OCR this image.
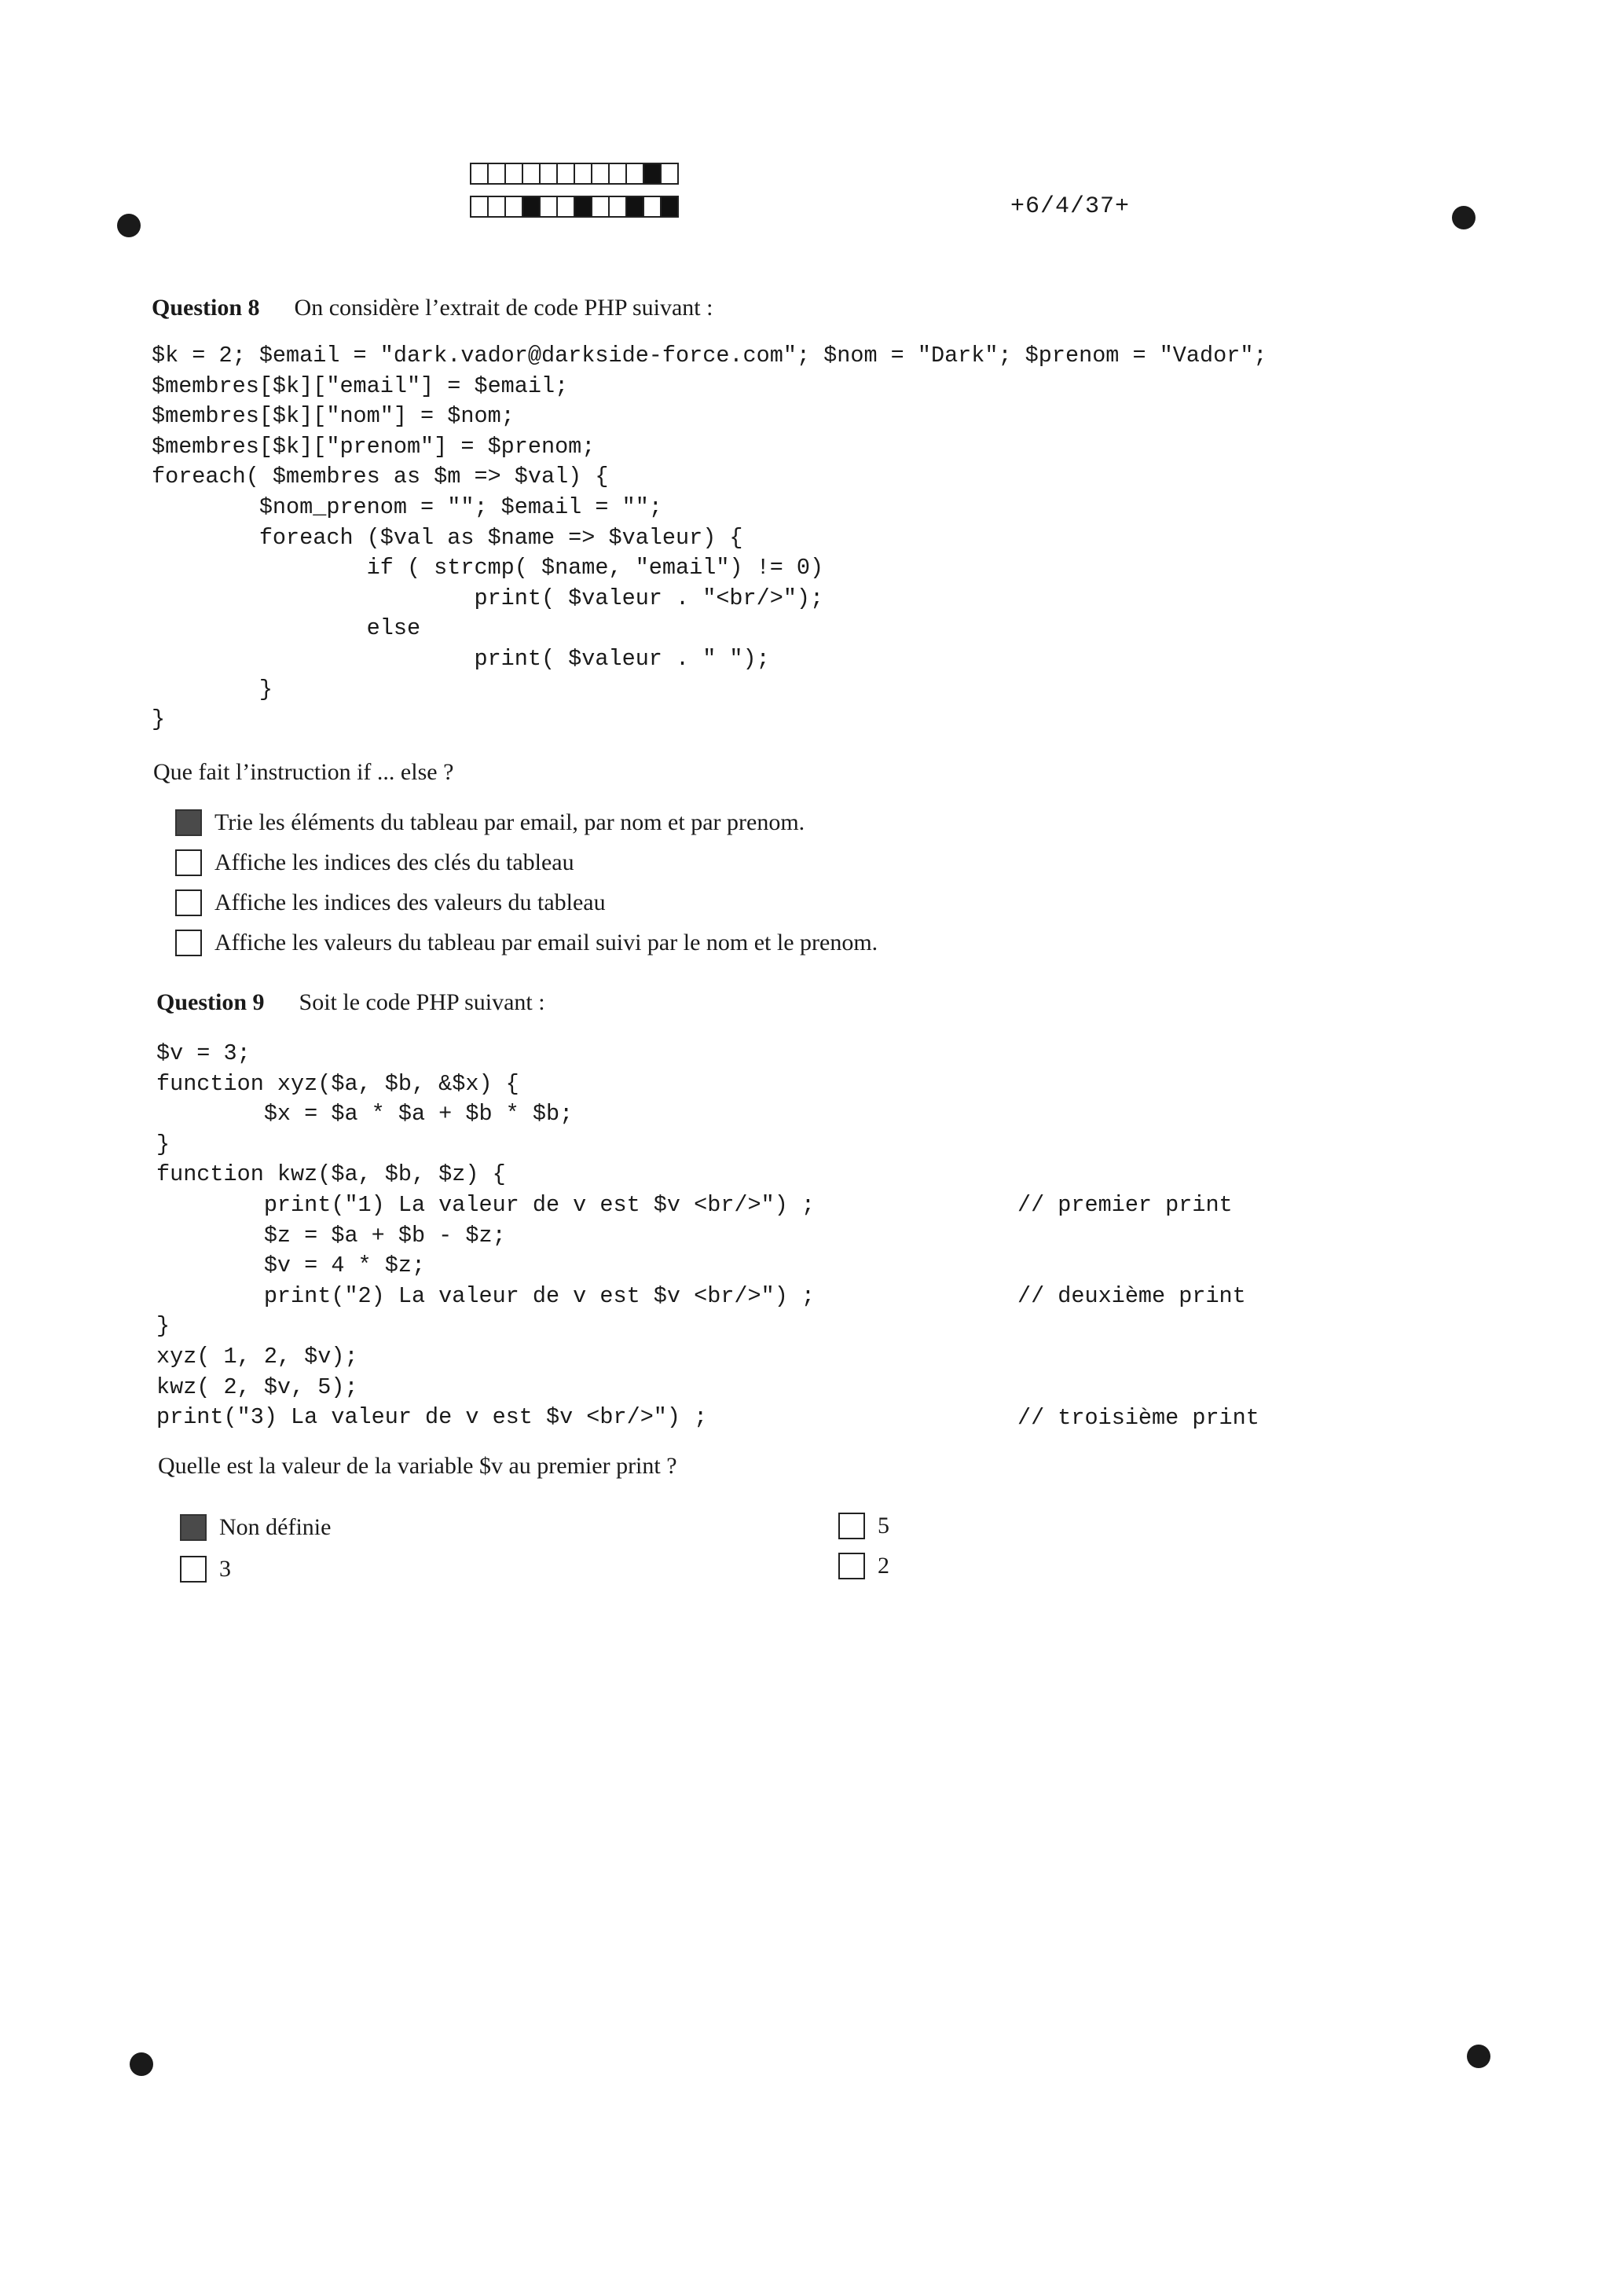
+6/4/37+
Question 8 On considère l’extrait de code PHP suivant :
$k = 2; $email = "dark.vador@darkside-force.com"; $nom = "Dark"; $prenom = "Vador";
$membres[$k]["email"] = $email;
$membres[$k]["nom"] = $nom;
$membres[$k]["prenom"] = $prenom;
foreach( $membres as $m => $val) {
$nom_prenom = ""; $email = "";
foreach ($val as $name => $valeur) {
if ( strcmp( $name, "email") != 0)
print( $valeur . "<br/>");
else
print( $valeur . " ");
}
}
Que fait l’instruction if ... else ?
Trie les éléments du tableau par email, par nom et par prenom.
Affiche les indices des clés du tableau
Affiche les indices des valeurs du tableau
Affiche les valeurs du tableau par email suivi par le nom et le prenom.
Question 9 Soit le code PHP suivant :
$v = 3;
function xyz($a, $b, &$x) {
$x = $a * $a + $b * $b;
}
function kwz($a, $b, $z) {
print("1) La valeur de v est $v <br/>") ;
$z = $a + $b - $z;
$v = 4 * $z;
print("2) La valeur de v est $v <br/>") ;
}
xyz( 1, 2, $v);
kwz( 2, $v, 5);
print("3) La valeur de v est $v <br/>") ;
// premier print
// deuxième print
// troisième print
Quelle est la valeur de la variable $v au premier print ?
Non définie
3
5
2
